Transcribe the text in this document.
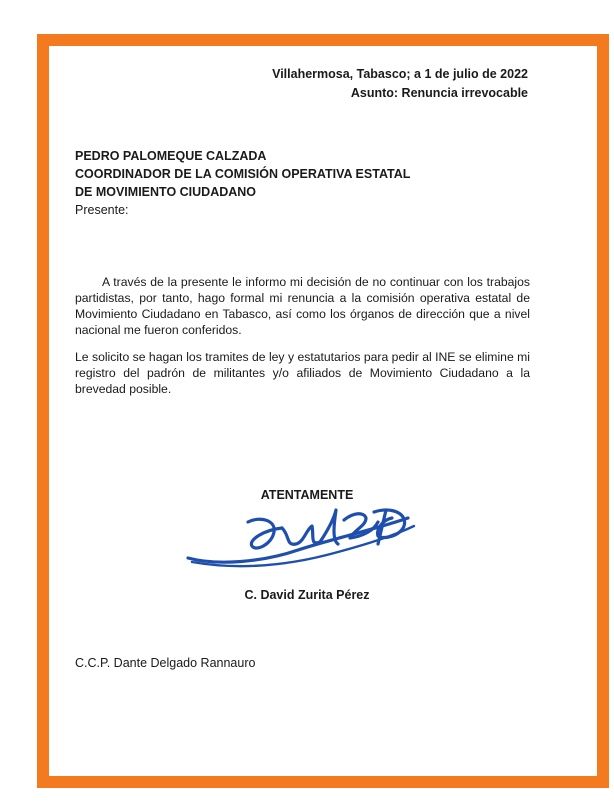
Villahermosa, Tabasco; a 1 de julio de 2022
Asunto: Renuncia irrevocable
PEDRO PALOMEQUE CALZADA
COORDINADOR DE LA COMISIÓN OPERATIVA ESTATAL
DE MOVIMIENTO CIUDADANO
Presente:
A través de la presente le informo mi decisión de no continuar con los trabajos partidistas, por tanto, hago formal mi renuncia a la comisión operativa estatal de Movimiento Ciudadano en Tabasco, así como los órganos de dirección que a nivel nacional me fueron conferidos.
Le solicito se hagan los tramites de ley y estatutarios para pedir al INE se elimine mi registro del padrón de militantes y/o afiliados de Movimiento Ciudadano a la brevedad posible.
ATENTAMENTE
C. David Zurita Pérez
C.C.P. Dante Delgado Rannauro
